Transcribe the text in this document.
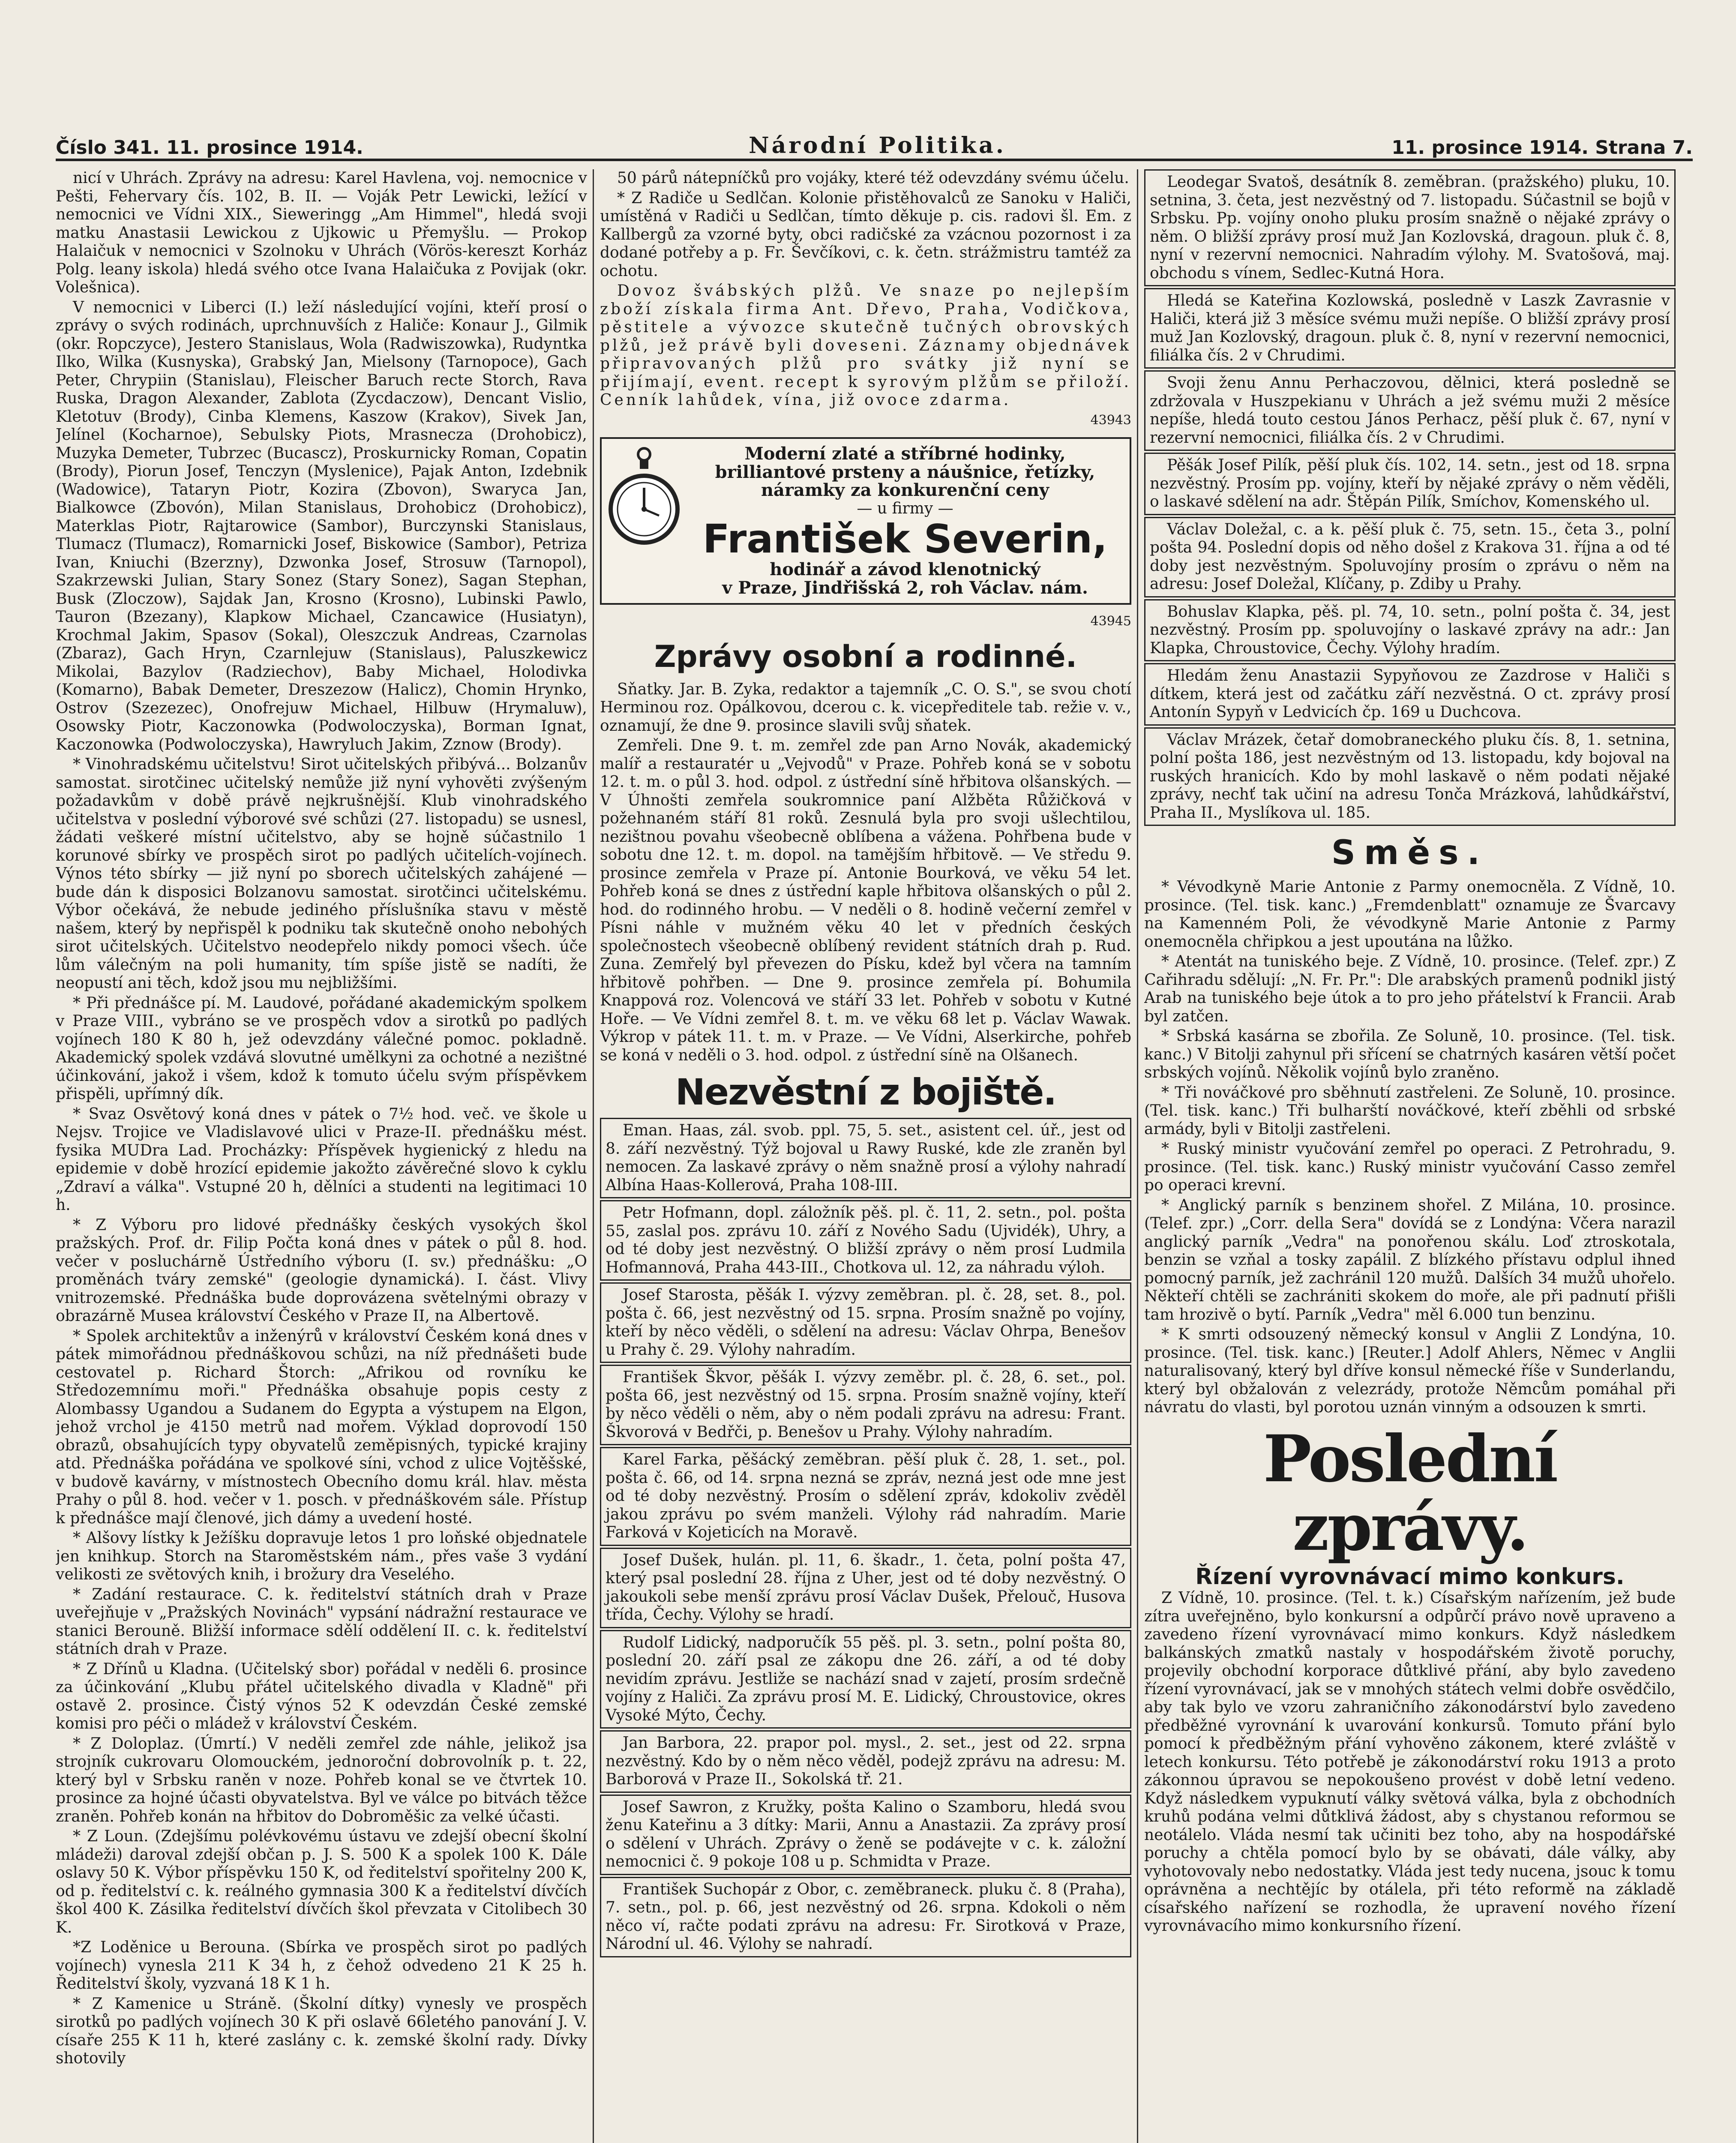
Číslo 341. 11. prosince 1914.	Národní Politika.	11. prosince 1914. Strana 7.

nicí v Uhrách. Zprávy na adresu: Karel Havlena, voj. nemocnice v Pešti, Fehervary čís. 102, B. II. — Voják Petr Lewicki, ležící v nemocnici ve Vídni XIX., Sieweringg „Am Himmel", hledá svoji matku Anastasii Lewickou z Ujkowic u Přemyšlu. — Prokop Halaičuk v nemocnici v Szolnoku v Uhrách (Vörös-kereszt Korház Polg. leany iskola) hledá svého otce Ivana Halaičuka z Povijak (okr. Volešnica).

V nemocnici v Liberci (I.) leží následující vojíni, kteří prosí o zprávy o svých rodinách, uprchnuvších z Haliče: Konaur J., Gilmik (okr. Ropczyce), Jestero Stanislaus, Wola (Radwiszowka), Rudyntka Ilko, Wilka (Kusnyska), Grabský Jan, Mielsony (Tarnopoce), Gach Peter, Chrypiin (Stanislau), Fleischer Baruch recte Storch, Rava Ruska, Dragon Alexander, Zablota (Zycdaczow), Dencant Vislio, Kletotuv (Brody), Cinba Klemens, Kaszow (Krakov), Sivek Jan, Jelínel (Kocharnoe), Sebulsky Piots, Mrasnecza (Drohobicz), Muzyka Demeter, Tubrzec (Bucascz), Proskurnicky Roman, Copatin (Brody), Piorun Josef, Tenczyn (Myslenice), Pajak Anton, Izdebnik (Wadowice), Tataryn Piotr, Kozira (Zbovon), Swaryca Jan, Bialkowce (Zbovón), Milan Stanislaus, Drohobicz (Drohobicz), Materklas Piotr, Rajtarowice (Sambor), Burczynski Stanislaus, Tlumacz (Tlumacz), Romarnicki Josef, Biskowice (Sambor), Petriza Ivan, Kniuchi (Bzerzny), Dzwonka Josef, Strosuw (Tarnopol), Szakrzewski Julian, Stary Sonez (Stary Sonez), Sagan Stephan, Busk (Zloczow), Sajdak Jan, Krosno (Krosno), Lubinski Pawlo, Tauron (Bzezany), Klapkow Michael, Czancawice (Husiatyn), Krochmal Jakim, Spasov (Sokal), Oleszczuk Andreas, Czarnolas (Zbaraz), Gach Hryn, Czarnlejuw (Stanislaus), Paluszkewicz Mikolai, Bazylov (Radziechov), Baby Michael, Holodivka (Komarno), Babak Demeter, Dreszezow (Halicz), Chomin Hrynko, Ostrov (Szezezec), Onofrejuw Michael, Hilbuw (Hrymaluw), Osowsky Piotr, Kaczonowka (Podwoloczyska), Borman Ignat, Kaczonowka (Podwoloczyska), Hawryluch Jakim, Zznow (Brody).

* Vinohradskému učitelstvu! Sirot učitelských přibývá... Bolzanův samostat. sirotčinec učitelský nemůže již nyní vyhověti zvýšeným požadavkům v době právě nejkrušnější. Klub vinohradského učitelstva v poslední výborové své schůzi (27. listopadu) se usnesl, žádati veškeré místní učitelstvo, aby se hojně súčastnilo 1 korunové sbírky ve prospěch sirot po padlých učitelích-vojínech. Výnos této sbírky — již nyní po sborech učitelských zahájené — bude dán k disposici Bolzanovu samostat. sirotčinci učitelskému. Výbor očekává, že nebude jediného příslušníka stavu v městě našem, který by nepřispěl k podniku tak skutečně onoho nebohých sirot učitelských. Učitelstvo neodepřelo nikdy pomoci všech. úče lům válečným na poli humanity, tím spíše jistě se nadíti, že neopustí ani těch, kdož jsou mu nejbližšími.

* Při přednášce pí. M. Laudové, pořádané akademickým spolkem v Praze VIII., vybráno se ve prospěch vdov a sirotků po padlých vojínech 180 K 80 h, jež odevzdány válečné pomoc. pokladně. Akademický spolek vzdává slovutné umělkyni za ochotné a nezištné účinkování, jakož i všem, kdož k tomuto účelu svým příspěvkem přispěli, upřímný dík.

* Svaz Osvětový koná dnes v pátek o 7½ hod. več. ve škole u Nejsv. Trojice ve Vladislavové ulici v Praze-II. přednášku mést. fysika MUDra Lad. Procházky: Příspěvek hygienický z hledu na epidemie v době hrozící epidemie jakožto závěrečné slovo k cyklu „Zdraví a válka". Vstupné 20 h, dělníci a studenti na legitimaci 10 h.

* Z Výboru pro lidové přednášky českých vysokých škol pražských. Prof. dr. Filip Počta koná dnes v pátek o půl 8. hod. večer v posluchárně Ústředního výboru (I. sv.) přednášku: „O proměnách tváry zemské" (geologie dynamická). I. část. Vlivy vnitrozemské. Přednáška bude doprovázena světelnými obrazy v obrazárně Musea království Českého v Praze II, na Albertově.

* Spolek architektův a inženýrů v království Českém koná dnes v pátek mimořádnou přednáškovou schůzi, na níž přednášeti bude cestovatel p. Richard Štorch: „Afrikou od rovníku ke Středozemnímu moři." Přednáška obsahuje popis cesty z Alombassy Ugandou a Sudanem do Egypta a výstupem na Elgon, jehož vrchol je 4150 metrů nad mořem. Výklad doprovodí 150 obrazů, obsahujících typy obyvatelů zeměpisných, typické krajiny atd. Přednáška pořádána ve spolkové síni, vchod z ulice Vojtěšské, v budově kavárny, v místnostech Obecního domu král. hlav. města Prahy o půl 8. hod. večer v 1. posch. v přednáškovém sále. Přístup k přednášce mají členové, jich dámy a uvedení hosté.

* Alšovy lístky k Ježíšku dopravuje letos 1 pro loňské objednatele jen knihkup. Storch na Staroměstském nám., přes vaše 3 vydání velikosti ze světových knih, i brožury dra Veselého.

* Zadání restaurace. C. k. ředitelství státních drah v Praze uveřejňuje v „Pražských Novinách" vypsání nádražní restaurace ve stanici Berouně. Bližší informace sdělí oddělení II. c. k. ředitelství státních drah v Praze.

* Z Dřínů u Kladna. (Učitelský sbor) pořádal v neděli 6. prosince za účinkování „Klubu přátel učitelského divadla v Kladně" při ostavě 2. prosince. Čistý výnos 52 K odevzdán České zemské komisi pro péči o mládež v království Českém.

* Z Doloplaz. (Úmrtí.) V neděli zemřel zde náhle, jelikož jsa strojník cukrovaru Olomouckém, jednoroční dobrovolník p. t. 22, který byl v Srbsku raněn v noze. Pohřeb konal se ve čtvrtek 10. prosince za hojné účasti obyvatelstva. Byl ve válce po bitvách těžce zraněn. Pohřeb konán na hřbitov do Dobroměšic za velké účasti.

* Z Loun. (Zdejšímu polévkovému ústavu ve zdejší obecní školní mládeži) daroval zdejší občan p. J. S. 500 K a spolek 100 K. Dále oslavy 50 K. Výbor příspěvku 150 K, od ředitelství spořitelny 200 K, od p. ředitelství c. k. reálného gymnasia 300 K a ředitelství dívčích škol 400 K. Zásilka ředitelství dívčích škol převzata v Citolibech 30 K.

*Z Loděnice u Berouna. (Sbírka ve prospěch sirot po padlých vojínech) vynesla 211 K 34 h, z čehož odvedeno 21 K 25 h. Ředitelství školy, vyzvaná 18 K 1 h.

* Z Kamenice u Stráně. (Školní dítky) vynesly ve prospěch sirotků po padlých vojínech 30 K při oslavě 66letého panování J. V. císaře 255 K 11 h, které zaslány c. k. zemské školní rady. Dívky shotovily

50 párů nátepníčků pro vojáky, které též odevzdány svému účelu.

* Z Radiče u Sedlčan. Kolonie přistěhovalců ze Sanoku v Haliči, umístěná v Radiči u Sedlčan, tímto děkuje p. cis. radovi šl. Em. z Kallbergů za vzorné byty, obci radičské za vzácnou pozornost i za dodané potřeby a p. Fr. Ševčíkovi, c. k. četn. strážmistru tamtéž za ochotu.

Dovoz švábských plžů. Ve snaze po nejlepším zboží získala firma Ant. Dřevo, Praha, Vodičkova, pěstitele a vývozce skutečně tučných obrovských plžů, jež právě byli doveseni. Záznamy objednávek připravovaných plžů pro svátky již nyní se přijímají, event. recept k syrovým plžům se přiloží. Cenník lahůdek, vína, již ovoce zdarma.

43943
Moderní zlaté a stříbrné hodinky, brilliantové prsteny a náušnice, řetízky, náramky za konkurenční ceny
— u firmy —
František Severin,
hodinář a závod klenotnický
v Praze, Jindřišská 2, roh Václav. nám.
43945
Zprávy osobní a rodinné.

Sňatky. Jar. B. Zyka, redaktor a tajemník „C. O. S.", se svou chotí Herminou roz. Opálkovou, dcerou c. k. vicepředitele tab. režie v. v., oznamují, že dne 9. prosince slavili svůj sňatek.

Zemřeli. Dne 9. t. m. zemřel zde pan Arno Novák, akademický malíř a restauratér u „Vejvodů" v Praze. Pohřeb koná se v sobotu 12. t. m. o půl 3. hod. odpol. z ústřední síně hřbitova olšanských. — V Úhnošti zemřela soukromnice paní Alžběta Růžičková v požehnaném stáří 81 roků. Zesnulá byla pro svoji ušlechtilou, nezištnou povahu všeobecně oblíbena a vážena. Pohřbena bude v sobotu dne 12. t. m. dopol. na tamějším hřbitově. — Ve středu 9. prosince zemřela v Praze pí. Antonie Bourková, ve věku 54 let. Pohřeb koná se dnes z ústřední kaple hřbitova olšanských o půl 2. hod. do rodinného hrobu. — V neděli o 8. hodině večerní zemřel v Písni náhle v mužném věku 40 let v předních českých společnostech všeobecně oblíbený revident státních drah p. Rud. Zuna. Zemřelý byl převezen do Písku, kdež byl včera na tamním hřbitově pohřben. — Dne 9. prosince zemřela pí. Bohumila Knappová roz. Volencová ve stáří 33 let. Pohřeb v sobotu v Kutné Hoře. — Ve Vídni zemřel 8. t. m. ve věku 68 let p. Václav Wawak. Výkrop v pátek 11. t. m. v Praze. — Ve Vídni, Alserkirche, pohřeb se koná v neděli o 3. hod. odpol. z ústřední síně na Olšanech.

Nezvěstní z bojiště.

Eman. Haas, zál. svob. ppl. 75, 5. set., asistent cel. úř., jest od 8. září nezvěstný. Týž bojoval u Rawy Ruské, kde zle zraněn byl nemocen. Za laskavé zprávy o něm snažně prosí a výlohy nahradí Albína Haas-Kollerová, Praha 108-III.

Petr Hofmann, dopl. záložník pěš. pl. č. 11, 2. setn., pol. pošta 55, zaslal pos. zprávu 10. září z Nového Sadu (Ujvidék), Uhry, a od té doby jest nezvěstný. O bližší zprávy o něm prosí Ludmila Hofmannová, Praha 443-III., Chotkova ul. 12, za náhradu výloh.

Josef Starosta, pěšák I. výzvy zeměbran. pl. č. 28, set. 8., pol. pošta č. 66, jest nezvěstný od 15. srpna. Prosím snažně po vojíny, kteří by něco věděli, o sdělení na adresu: Václav Ohrpa, Benešov u Prahy č. 29. Výlohy nahradím.

František Škvor, pěšák I. výzvy zeměbr. pl. č. 28, 6. set., pol. pošta 66, jest nezvěstný od 15. srpna. Prosím snažně vojíny, kteří by něco věděli o něm, aby o něm podali zprávu na adresu: Frant. Škvorová v Bedřči, p. Benešov u Prahy. Výlohy nahradím.

Karel Farka, pěšácký zeměbran. pěší pluk č. 28, 1. set., pol. pošta č. 66, od 14. srpna nezná se zpráv, nezná jest ode mne jest od té doby nezvěstný. Prosím o sdělení zpráv, kdokoliv zvěděl jakou zprávu po svém manželi. Výlohy rád nahradím. Marie Farková v Kojeticích na Moravě.

Josef Dušek, hulán. pl. 11, 6. škadr., 1. četa, polní pošta 47, který psal poslední 28. října z Uher, jest od té doby nezvěstný. O jakoukoli sebe menší zprávu prosí Václav Dušek, Přelouč, Husova třída, Čechy. Výlohy se hradí.

Rudolf Lidický, nadporučík 55 pěš. pl. 3. setn., polní pošta 80, poslední 20. září psal ze zákopu dne 26. září, a od té doby nevidím zprávu. Jestliže se nachází snad v zajetí, prosím srdečně vojíny z Haliči. Za zprávu prosí M. E. Lidický, Chroustovice, okres Vysoké Mýto, Čechy.

Jan Barbora, 22. prapor pol. mysl., 2. set., jest od 22. srpna nezvěstný. Kdo by o něm něco věděl, podejž zprávu na adresu: M. Barborová v Praze II., Sokolská tř. 21.

Josef Sawron, z Kružky, pošta Kalino o Szamboru, hledá svou ženu Kateřinu a 3 dítky: Marii, Annu a Anastazii. Za zprávy prosí o sdělení v Uhrách. Zprávy o ženě se podávejte v c. k. záložní nemocnici č. 9 pokoje 108 u p. Schmidta v Praze.

František Suchopár z Obor, c. zeměbraneck. pluku č. 8 (Praha), 7. setn., pol. p. 66, jest nezvěstný od 26. srpna. Kdokoli o něm něco ví, račte podati zprávu na adresu: Fr. Sirotková v Praze, Národní ul. 46. Výlohy se nahradí.

Leodegar Svatoš, desátník 8. zeměbran. (pražského) pluku, 10. setnina, 3. četa, jest nezvěstný od 7. listopadu. Súčastnil se bojů v Srbsku. Pp. vojíny onoho pluku prosím snažně o nějaké zprávy o něm. O bližší zprávy prosí muž Jan Kozlovská, dragoun. pluk č. 8, nyní v rezervní nemocnici. Nahradím výlohy. M. Svatošová, maj. obchodu s vínem, Sedlec-Kutná Hora.

Hledá se Kateřina Kozlowská, posledně v Laszk Zavrasnie v Haliči, která již 3 měsíce svému muži nepíše. O bližší zprávy prosí muž Jan Kozlovský, dragoun. pluk č. 8, nyní v rezervní nemocnici, filiálka čís. 2 v Chrudimi.

Svoji ženu Annu Perhaczovou, dělnici, která posledně se zdržovala v Huszpekianu v Uhrách a jež svému muži 2 měsíce nepíše, hledá touto cestou János Perhacz, pěší pluk č. 67, nyní v rezervní nemocnici, filiálka čís. 2 v Chrudimi.

Pěšák Josef Pilík, pěší pluk čís. 102, 14. setn., jest od 18. srpna nezvěstný. Prosím pp. vojíny, kteří by nějaké zprávy o něm věděli, o laskavé sdělení na adr. Štěpán Pilík, Smíchov, Komenského ul.

Václav Doležal, c. a k. pěší pluk č. 75, setn. 15., četa 3., polní pošta 94. Poslední dopis od něho došel z Krakova 31. října a od té doby jest nezvěstným. Spoluvojíny prosím o zprávu o něm na adresu: Josef Doležal, Klíčany, p. Zdiby u Prahy.

Bohuslav Klapka, pěš. pl. 74, 10. setn., polní pošta č. 34, jest nezvěstný. Prosím pp. spoluvojíny o laskavé zprávy na adr.: Jan Klapka, Chroustovice, Čechy. Výlohy hradím.

Hledám ženu Anastazii Sypyňovou ze Zazdrose v Haliči s dítkem, která jest od začátku září nezvěstná. O ct. zprávy prosí Antonín Sypyň v Ledvicích čp. 169 u Duchcova.

Václav Mrázek, četař domobraneckého pluku čís. 8, 1. setnina, polní pošta 186, jest nezvěstným od 13. listopadu, kdy bojoval na ruských hranicích. Kdo by mohl laskavě o něm podati nějaké zprávy, nechť tak učiní na adresu Tonča Mrázková, lahůdkářství, Praha II., Myslíkova ul. 185.

Směs.

* Vévodkyně Marie Antonie z Parmy onemocněla. Z Vídně, 10. prosince. (Tel. tisk. kanc.) „Fremdenblatt" oznamuje ze Švarcavy na Kamenném Poli, že vévodkyně Marie Antonie z Parmy onemocněla chřipkou a jest upoutána na lůžko.

* Atentát na tuniského beje. Z Vídně, 10. prosince. (Telef. zpr.) Z Cařihradu sdělují: „N. Fr. Pr.": Dle arabských pramenů podnikl jistý Arab na tuniského beje útok a to pro jeho přátelství k Francii. Arab byl zatčen.

* Srbská kasárna se zbořila. Ze Soluně, 10. prosince. (Tel. tisk. kanc.) V Bitolji zahynul při sřícení se chatrných kasáren větší počet srbských vojínů. Několik vojínů bylo zraněno.

* Tři nováčkové pro sběhnutí zastřeleni. Ze Soluně, 10. prosince. (Tel. tisk. kanc.) Tři bulharští nováčkové, kteří zběhli od srbské armády, byli v Bitolji zastřeleni.

* Ruský ministr vyučování zemřel po operaci. Z Petrohradu, 9. prosince. (Tel. tisk. kanc.) Ruský ministr vyučování Casso zemřel po operaci krevní.

* Anglický parník s benzinem shořel. Z Milána, 10. prosince. (Telef. zpr.) „Corr. della Sera" dovídá se z Londýna: Včera narazil anglický parník „Vedra" na ponořenou skálu. Loď ztroskotala, benzin se vzňal a tosky zapálil. Z blízkého přístavu odplul ihned pomocný parník, jež zachránil 120 mužů. Dalších 34 mužů uhořelo. Někteří chtěli se zachrániti skokem do moře, ale při padnutí přišli tam hrozivě o bytí. Parník „Vedra" měl 6.000 tun benzinu.

* K smrti odsouzený německý konsul v Anglii Z Londýna, 10. prosince. (Tel. tisk. kanc.) [Reuter.] Adolf Ahlers, Němec v Anglii naturalisovaný, který byl dříve konsul německé říše v Sunderlandu, který byl obžalován z velezrády, protože Němcům pomáhal při návratu do vlasti, byl porotou uznán vinným a odsouzen k smrti.

Poslední zprávy.
Řízení vyrovnávací mimo konkurs.

Z Vídně, 10. prosince. (Tel. t. k.) Císařským nařízením, jež bude zítra uveřejněno, bylo konkursní a odpůrčí právo nově upraveno a zavedeno řízení vyrovnávací mimo konkurs. Když následkem balkánských zmatků nastaly v hospodářském životě poruchy, projevily obchodní korporace důtklivé přání, aby bylo zavedeno řízení vyrovnávací, jak se v mnohých státech velmi dobře osvědčilo, aby tak bylo ve vzoru zahraničního zákonodárství bylo zavedeno předběžné vyrovnání k uvarování konkursů. Tomuto přání bylo pomocí k předběžným přání vyhověno zákonem, které zvláště v letech konkursu. Této potřebě je zákonodárství roku 1913 a proto zákonnou úpravou se nepokoušeno provést v době letní vedeno. Když následkem vypuknutí války světová válka, byla z obchodních kruhů podána velmi důtklivá žádost, aby s chystanou reformou se neotálelo. Vláda nesmí tak učiniti bez toho, aby na hospodářské poruchy a chtěla pomocí bylo by se obávati, dále války, aby vyhotovovaly nebo nedostatky. Vláda jest tedy nucena, jsouc k tomu oprávněna a nechtějíc by otálela, při této reformě na základě císařského nařízení se rozhodla, že upravení nového řízení vyrovnávacího mimo konkursního řízení.
